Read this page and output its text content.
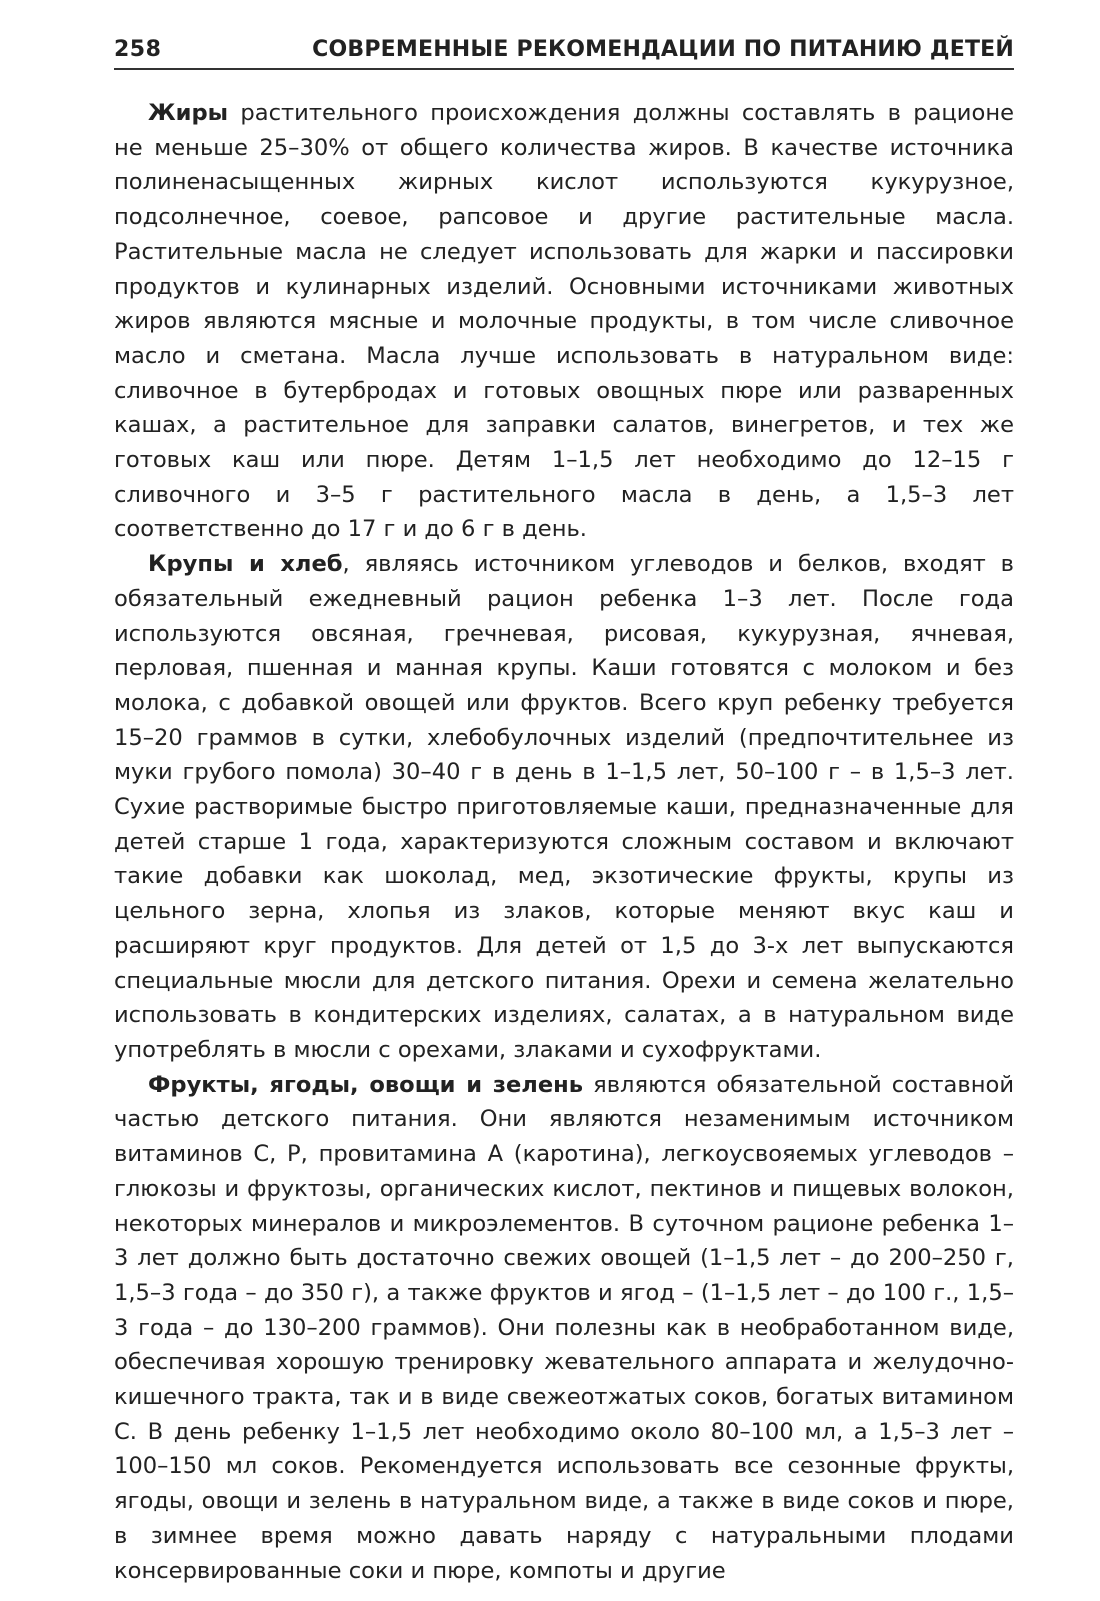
258	СОВРЕМЕННЫЕ РЕКОМЕНДАЦИИ ПО ПИТАНИЮ ДЕТЕЙ

Жиры растительного происхождения должны составлять в рационе не меньше 25–30% от общего количества жиров. В качестве источника полиненасыщенных жирных кислот используются кукурузное, подсолнечное, соевое, рапсовое и другие растительные масла. Растительные масла не следует использовать для жарки и пассировки продуктов и кулинарных изделий. Основными источниками животных жиров являются мясные и молочные продукты, в том числе сливочное масло и сметана. Масла лучше использовать в натуральном виде: сливочное в бутербродах и готовых овощных пюре или разваренных кашах, а растительное для заправки салатов, винегретов, и тех же готовых каш или пюре. Детям 1–1,5 лет необходимо до 12–15 г сливочного и 3–5 г растительного масла в день, а 1,5–3 лет соответственно до 17 г и до 6 г в день.

Крупы и хлеб, являясь источником углеводов и белков, входят в обязательный ежедневный рацион ребенка 1–3 лет. После года используются овсяная, гречневая, рисовая, кукурузная, ячневая, перловая, пшенная и манная крупы. Каши готовятся с молоком и без молока, с добавкой овощей или фруктов. Всего круп ребенку требуется 15–20 граммов в сутки, хлебобулочных изделий (предпочтительнее из муки грубого помола) 30–40 г в день в 1–1,5 лет, 50–100 г – в 1,5–3 лет. Сухие растворимые быстро приготовляемые каши, предназначенные для детей старше 1 года, характеризуются сложным составом и включают такие добавки как шоколад, мед, экзотические фрукты, крупы из цельного зерна, хлопья из злаков, которые меняют вкус каш и расширяют круг продуктов. Для детей от 1,5 до 3-х лет выпускаются специальные мюсли для детского питания. Орехи и семена желательно использовать в кондитерских изделиях, салатах, а в натуральном виде употреблять в мюсли с орехами, злаками и сухофруктами.

Фрукты, ягоды, овощи и зелень являются обязательной составной частью детского питания. Они являются незаменимым источником витаминов С, Р, провитамина А (каротина), легкоусвояемых углеводов – глюкозы и фруктозы, органических кислот, пектинов и пищевых волокон, некоторых минералов и микроэлементов. В суточном рационе ребенка 1–3 лет должно быть достаточно свежих овощей (1–1,5 лет – до 200–250 г, 1,5–3 года – до 350 г), а также фруктов и ягод – (1–1,5 лет – до 100 г., 1,5–3 года – до 130–200 граммов). Они полезны как в необработанном виде, обеспечивая хорошую тренировку жевательного аппарата и желудочно-кишечного тракта, так и в виде свежеотжатых соков, богатых витамином С. В день ребенку 1–1,5 лет необходимо около 80–100 мл, а 1,5–3 лет – 100–150 мл соков. Рекомендуется использовать все сезонные фрукты, ягоды, овощи и зелень в натуральном виде, а также в виде соков и пюре, в зимнее время можно давать наряду с натуральными плодами консервированные соки и пюре, компоты и другие
